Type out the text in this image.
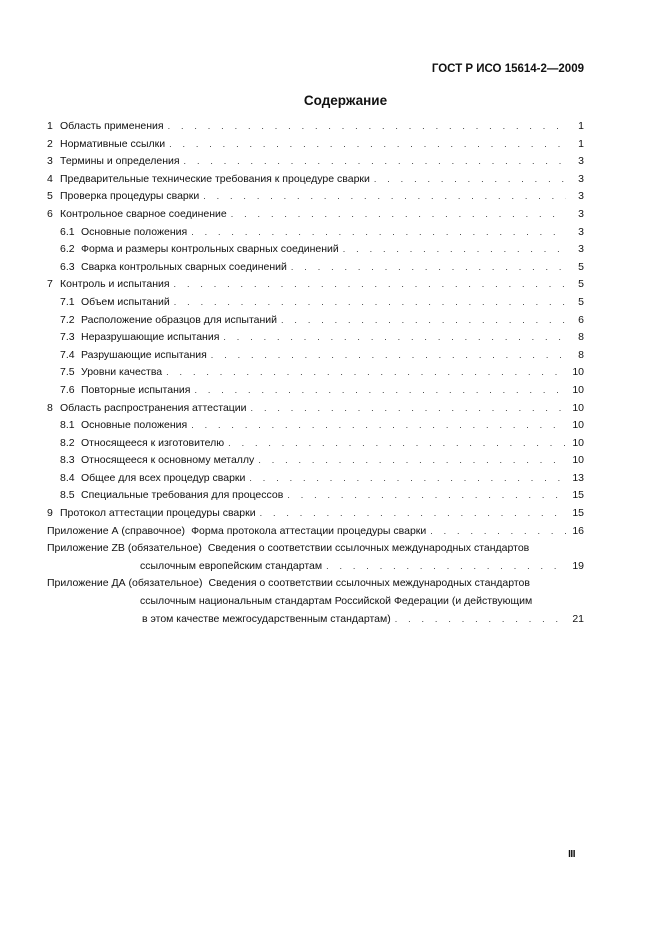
ГОСТ Р ИСО 15614-2—2009
Содержание
1 Область применения . . .	1
2 Нормативные ссылки . . .	1
3 Термины и определения . . .	3
4 Предварительные технические требования к процедуре сварки . . .	3
5 Проверка процедуры сварки . . .	3
6 Контрольное сварное соединение . . .	3
6.1 Основные положения . . .	3
6.2 Форма и размеры контрольных сварных соединений . . .	3
6.3 Сварка контрольных сварных соединений . . .	5
7 Контроль и испытания . . .	5
7.1 Объем испытаний . . .	5
7.2 Расположение образцов для испытаний . . .	6
7.3 Неразрушающие испытания . . .	8
7.4 Разрушающие испытания . . .	8
7.5 Уровни качества . . .	10
7.6 Повторные испытания . . .	10
8 Область распространения аттестации . . .	10
8.1 Основные положения . . .	10
8.2 Относящееся к изготовителю . . .	10
8.3 Относящееся к основному металлу . . .	10
8.4 Общее для всех процедур сварки . . .	13
8.5 Специальные требования для процессов . . .	15
9 Протокол аттестации процедуры сварки . . .	15
Приложение А (справочное) Форма протокола аттестации процедуры сварки . . .	16
Приложение ZB (обязательное) Сведения о соответствии ссылочных международных стандартов
ссылочным европейским стандартам . . .	19
Приложение ДА (обязательное) Сведения о соответствии ссылочных международных стандартов
ссылочным национальным стандартам Российской Федерации (и действующим
в этом качестве межгосударственным стандартам) . . .	21
III
